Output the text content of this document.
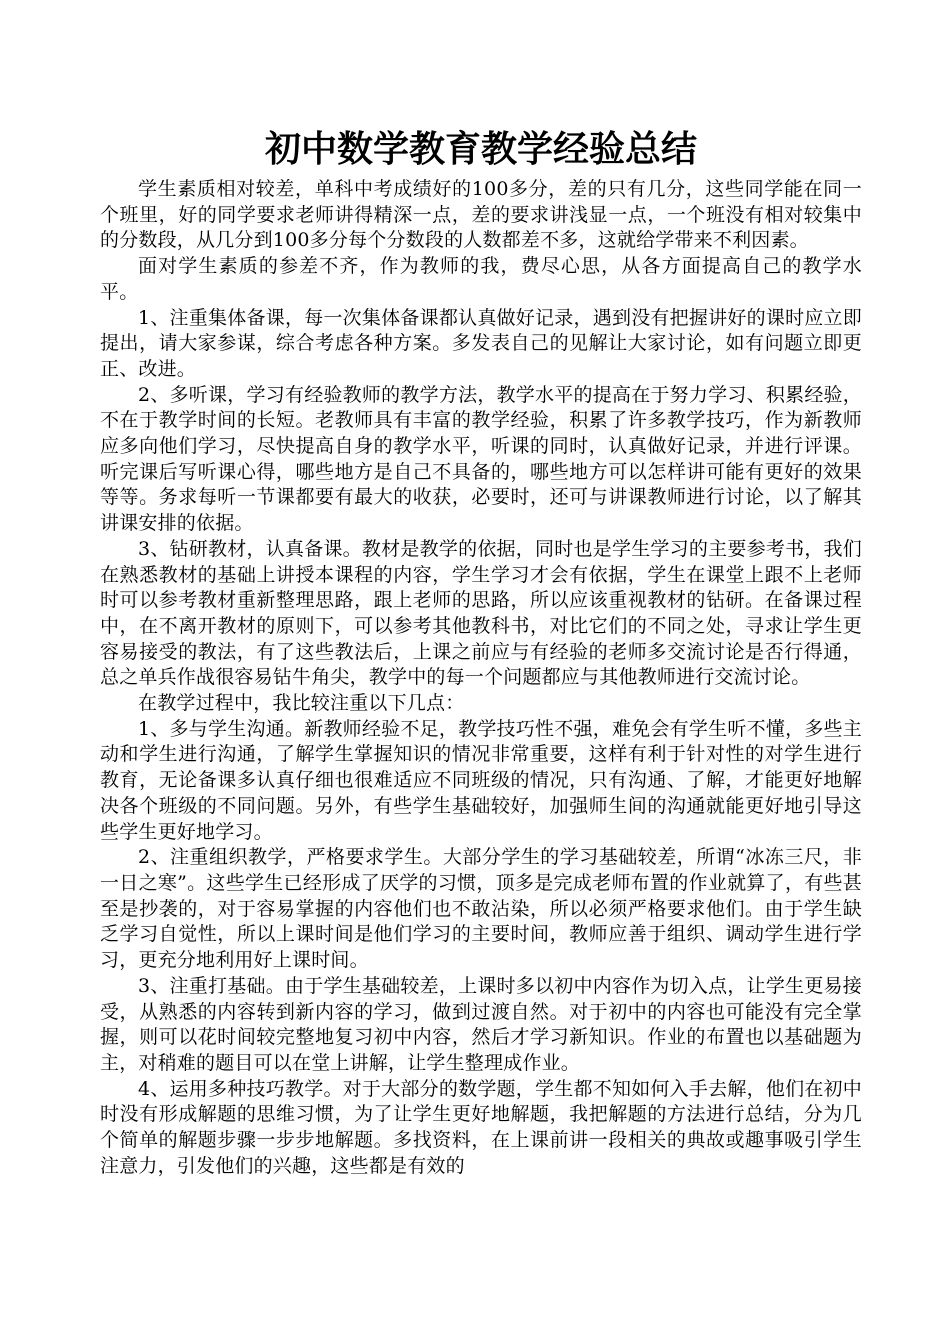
初中数学教育教学经验总结

学生素质相对较差，单科中考成绩好的100多分，差的只有几分，这些同学能在同一个班里，好的同学要求老师讲得精深一点，差的要求讲浅显一点，一个班没有相对较集中的分数段，从几分到100多分每个分数段的人数都差不多，这就给学带来不利因素。

面对学生素质的参差不齐，作为教师的我，费尽心思，从各方面提高自己的教学水平。

1、注重集体备课，每一次集体备课都认真做好记录，遇到没有把握讲好的课时应立即提出，请大家参谋，综合考虑各种方案。多发表自己的见解让大家讨论，如有问题立即更正、改进。

2、多听课，学习有经验教师的教学方法，教学水平的提高在于努力学习、积累经验，不在于教学时间的长短。老教师具有丰富的教学经验，积累了许多教学技巧，作为新教师应多向他们学习，尽快提高自身的教学水平，听课的同时，认真做好记录，并进行评课。听完课后写听课心得，哪些地方是自己不具备的，哪些地方可以怎样讲可能有更好的效果等等。务求每听一节课都要有最大的收获，必要时，还可与讲课教师进行讨论，以了解其讲课安排的依据。

3、钻研教材，认真备课。教材是教学的依据，同时也是学生学习的主要参考书，我们在熟悉教材的基础上讲授本课程的内容，学生学习才会有依据，学生在课堂上跟不上老师时可以参考教材重新整理思路，跟上老师的思路，所以应该重视教材的钻研。在备课过程中，在不离开教材的原则下，可以参考其他教科书，对比它们的不同之处，寻求让学生更容易接受的教法，有了这些教法后，上课之前应与有经验的老师多交流讨论是否行得通，总之单兵作战很容易钻牛角尖，教学中的每一个问题都应与其他教师进行交流讨论。

在教学过程中，我比较注重以下几点：

1、多与学生沟通。新教师经验不足，教学技巧性不强，难免会有学生听不懂，多些主动和学生进行沟通，了解学生掌握知识的情况非常重要，这样有利于针对性的对学生进行教育，无论备课多认真仔细也很难适应不同班级的情况，只有沟通、了解，才能更好地解决各个班级的不同问题。另外，有些学生基础较好，加强师生间的沟通就能更好地引导这些学生更好地学习。

2、注重组织教学，严格要求学生。大部分学生的学习基础较差，所谓“冰冻三尺，非一日之寒”。这些学生已经形成了厌学的习惯，顶多是完成老师布置的作业就算了，有些甚至是抄袭的，对于容易掌握的内容他们也不敢沾染，所以必须严格要求他们。由于学生缺乏学习自觉性，所以上课时间是他们学习的主要时间，教师应善于组织、调动学生进行学习，更充分地利用好上课时间。

3、注重打基础。由于学生基础较差，上课时多以初中内容作为切入点，让学生更易接受，从熟悉的内容转到新内容的学习，做到过渡自然。对于初中的内容也可能没有完全掌握，则可以花时间较完整地复习初中内容，然后才学习新知识。作业的布置也以基础题为主，对稍难的题目可以在堂上讲解，让学生整理成作业。

4、运用多种技巧教学。对于大部分的数学题，学生都不知如何入手去解，他们在初中时没有形成解题的思维习惯，为了让学生更好地解题，我把解题的方法进行总结，分为几个简单的解题步骤一步步地解题。多找资料，在上课前讲一段相关的典故或趣事吸引学生注意力，引发他们的兴趣，这些都是有效的
